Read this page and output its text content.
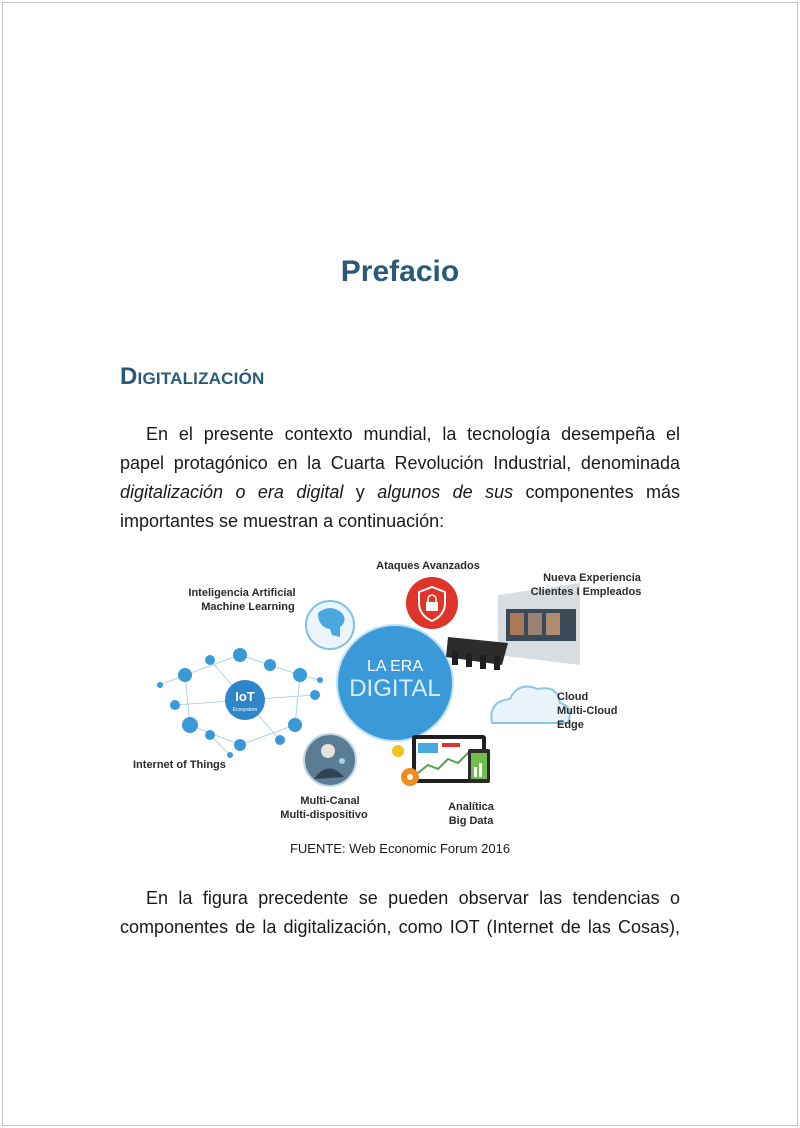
Prefacio
Digitalización
En el presente contexto mundial, la tecnología desempeña el
papel protagónico en la Cuarta Revolución Industrial, denominada
digitalización o era digital y algunos de sus componentes más
importantes se muestran a continuación:
IoT
Ecosystem
LA ERA
DIGITAL
Inteligencia Artificial
Machine Learning
Ataques Avanzados
Nueva Experiencia
Clientes I Empleados
Cloud
Multi-Cloud
Edge
Internet of Things
Multi-Canal
Multi-dispositivo
Analítica
Big Data

FUENTE: Web Economic Forum 2016

En la figura precedente se pueden observar las tendencias o
componentes de la digitalización, como IOT (Internet de las Cosas),
